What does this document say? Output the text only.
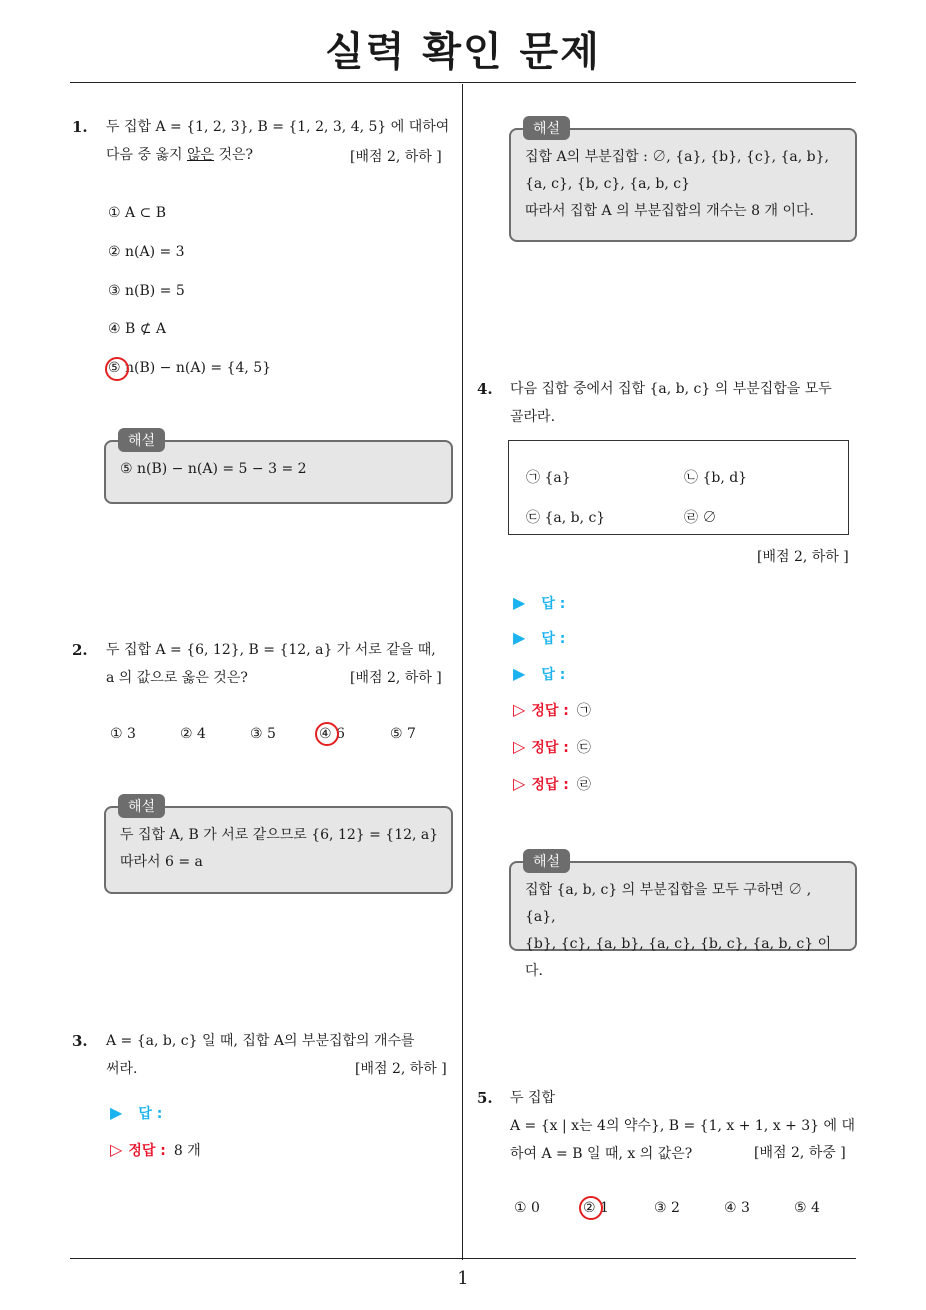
실력 확인 문제
1. 두 집합 A = {1, 2, 3}, B = {1, 2, 3, 4, 5} 에 대하여
다음 중 옳지 않은 것은?	[배점 2, 하하 ]
① A ⊂ B
② n(A) = 3
③ n(B) = 5
④ B ⊄ A
⑤ n(B) − n(A) = {4, 5}
⑤ n(B) − n(A) = 5 − 3 = 2
해설
2. 두 집합 A = {6, 12}, B = {12, a} 가 서로 같을 때,
a 의 값으로 옳은 것은?	[배점 2, 하하 ]
① 3	② 4	③ 5	④ 6	⑤ 7
두 집합 A, B 가 서로 같으므로 {6, 12} = {12, a}
따라서 6 = a
해설
3. A = {a, b, c} 일 때, 집합 A의 부분집합의 개수를
써라.	[배점 2, 하하 ]
▶ 답 :
▷ 정답 : 8 개
집합 A의 부분집합 : ∅, {a}, {b}, {c}, {a, b},
{a, c}, {b, c}, {a, b, c}
따라서 집합 A 의 부분집합의 개수는 8 개 이다.
해설
4. 다음 집합 중에서 집합 {a, b, c} 의 부분집합을 모두
골라라.
㉠ {a}	㉡ {b, d}
㉢ {a, b, c}	㉣ ∅
[배점 2, 하하 ]
▶ 답 :
▶ 답 :
▶ 답 :
▷ 정답 : ㉠
▷ 정답 : ㉢
▷ 정답 : ㉣
집합 {a, b, c} 의 부분집합을 모두 구하면 ∅ , {a},
{b}, {c}, {a, b}, {a, c}, {b, c}, {a, b, c} 이다.
해설
5. 두 집합
A = {x | x는 4의 약수}, B = {1, x + 1, x + 3} 에 대
하여 A = B 일 때, x 의 값은?	[배점 2, 하중 ]
① 0	② 1	③ 2	④ 3	⑤ 4
1
